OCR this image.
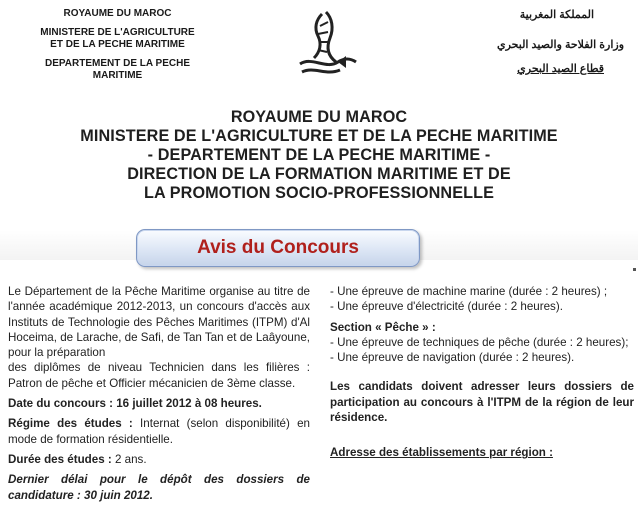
ROYAUME DU MAROC
MINISTERE DE L'AGRICULTURE
ET DE LA PECHE MARITIME
DEPARTEMENT DE LA PECHE
MARITIME
المملكة المغربية
وزارة الفلاحة والصيد البحري
قطاع الصيد البحري
ROYAUME DU MAROC
MINISTERE DE L'AGRICULTURE ET DE LA PECHE MARITIME
- DEPARTEMENT DE LA PECHE MARITIME -
DIRECTION DE LA FORMATION MARITIME ET DE
LA PROMOTION SOCIO-PROFESSIONNELLE
Avis du Concours

Le Département de la Pêche Maritime organise au titre de l'année académique 2012-2013, un concours d'accès aux Instituts de Technologie des Pêches Maritimes (ITPM) d'Al Hoceima, de Larache, de Safi, de Tan Tan et de Laâyoune, pour la préparation

des diplômes de niveau Technicien dans les filières : Patron de pêche et Officier mécanicien de 3ème classe.

Date du concours : 16 juillet 2012 à 08 heures.

Régime des études : Internat (selon disponibilité) en mode de formation résidentielle.

Durée des études : 2 ans.

Dernier délai pour le dépôt des dossiers de candidature : 30 juin 2012.

- Une épreuve de machine marine (durée : 2 heures) ;

- Une épreuve d'électricité (durée : 2 heures).

Section « Pêche » :

- Une épreuve de techniques de pêche (durée : 2 heures);

- Une épreuve de navigation (durée : 2 heures).

Les candidats doivent adresser leurs dossiers de participation au concours à l'ITPM de la région de leur résidence.

Adresse des établissements par région :
